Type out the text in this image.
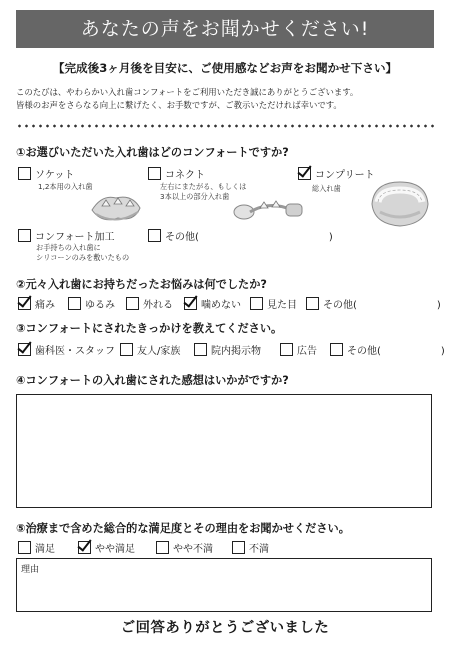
あなたの声をお聞かせください!
【完成後3ヶ月後を目安に、ご使用感などお声をお聞かせ下さい】
このたびは、やわらかい入れ歯コンフォートをご利用いただき誠にありがとうございます。
皆様のお声をさらなる向上に繋げたく、お手数ですが、ご教示いただければ幸いです。
①お選びいただいた入れ歯はどのコンフォートですか?
ソケット
1,2本用の入れ歯
コネクト
左右にまたがる、もしくは
3本以上の部分入れ歯
コンプリート
総入れ歯
コンフォート加工
お手持ちの入れ歯に
シリコーンのみを敷いたもの
その他(　　　　　　　　　　　　　)
②元々入れ歯にお持ちだったお悩みは何でしたか?
痛み	ゆるみ	外れる	噛めない	見た目	その他(　　　　　　　　)
③コンフォートにされたきっかけを教えてください。
歯科医・スタッフ 友人/家族	院内掲示物	広告	その他(　　　　　　)
④コンフォートの入れ歯にされた感想はいかがですか?
⑤治療まで含めた総合的な満足度とその理由をお聞かせください。
満足	やや満足	やや不満	不満
理由
ご回答ありがとうございました
